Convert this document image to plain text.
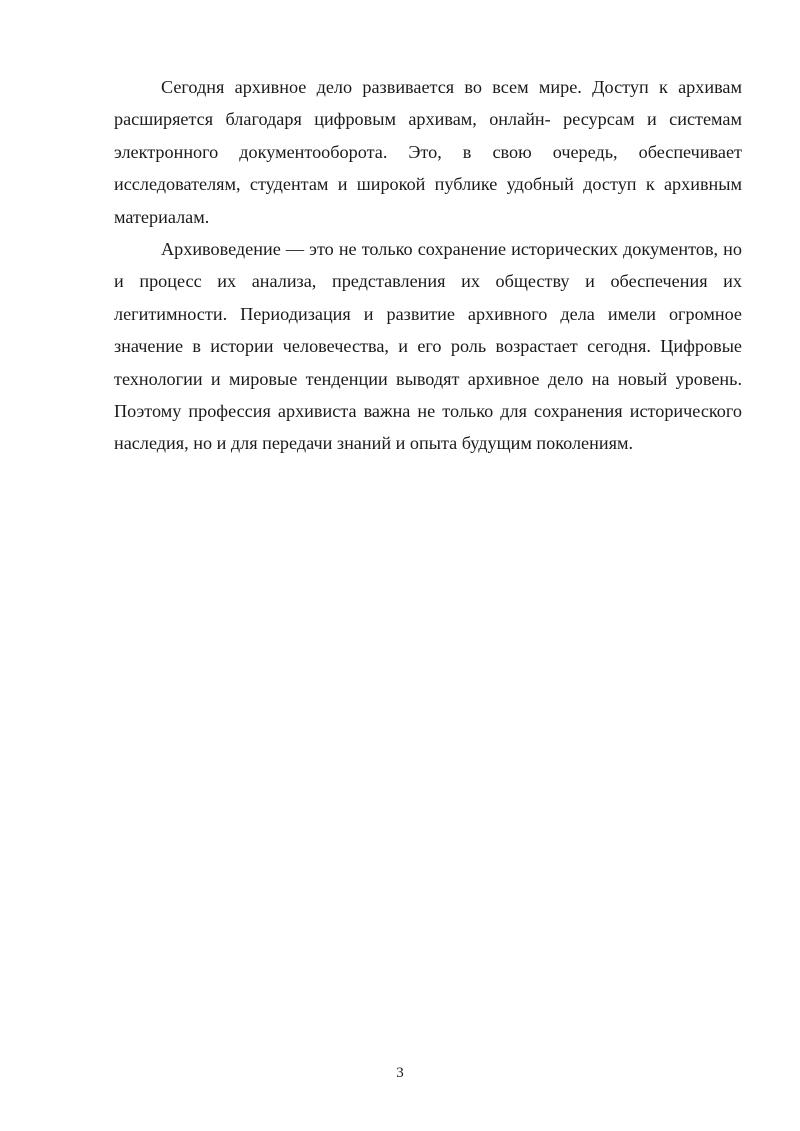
Сегодня архивное дело развивается во всем мире. Доступ к архивам расширяется благодаря цифровым архивам, онлайн- ресурсам и системам электронного документооборота. Это, в свою очередь, обеспечивает исследователям, студентам и широкой публике удобный доступ к архивным материалам.

Архивоведение — это не только сохранение исторических документов, но и процесс их анализа, представления их обществу и обеспечения их легитимности. Периодизация и развитие архивного дела имели огромное значение в истории человечества, и его роль возрастает сегодня. Цифровые технологии и мировые тенденции выводят архивное дело на новый уровень. Поэтому профессия архивиста важна не только для сохранения исторического наследия, но и для передачи знаний и опыта будущим поколениям.

3
